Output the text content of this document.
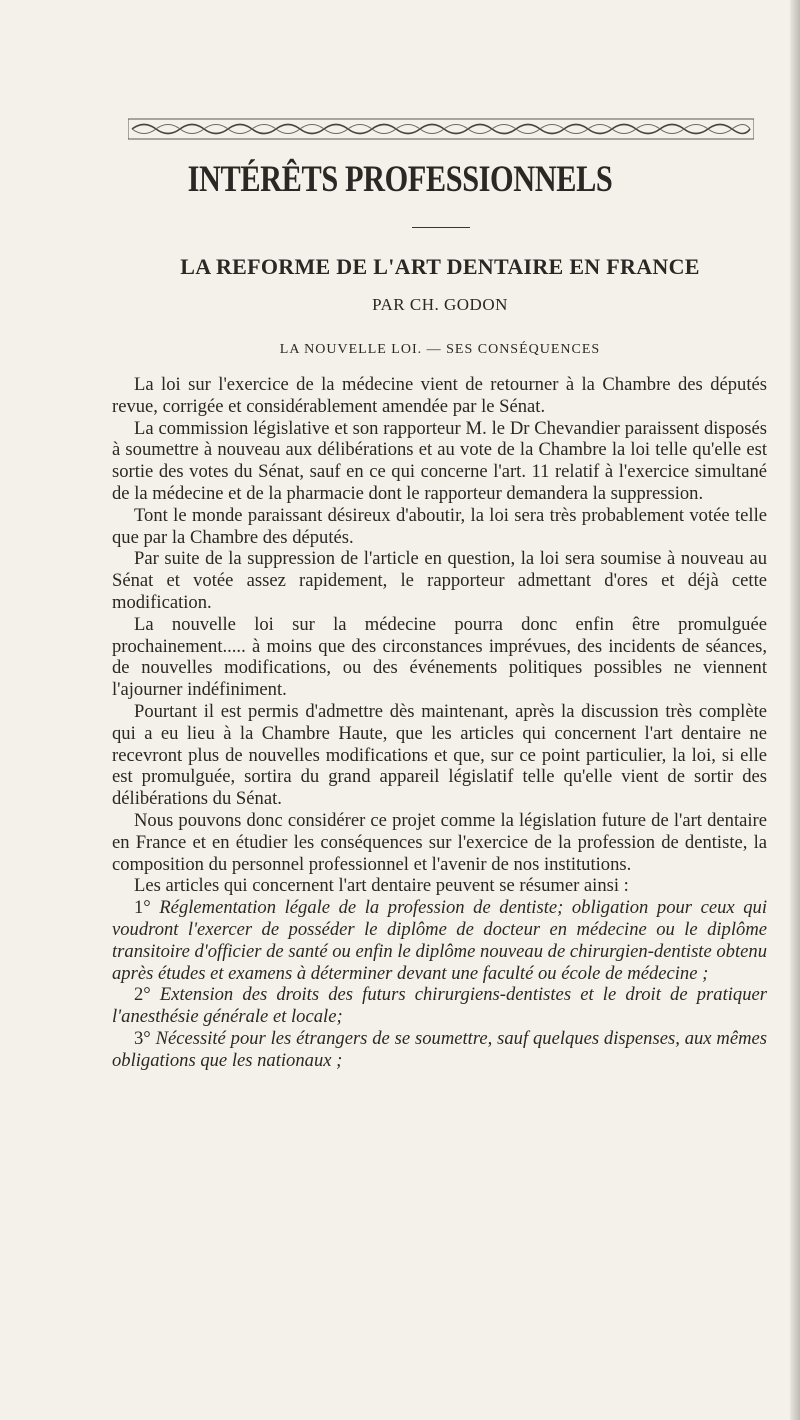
INTÉRÊTS PROFESSIONNELS
LA REFORME DE L'ART DENTAIRE EN FRANCE
PAR CH. GODON
LA NOUVELLE LOI. — SES CONSÉQUENCES

La loi sur l'exercice de la médecine vient de retourner à la Chambre des députés revue, corrigée et considérablement amendée par le Sénat.

La commission législative et son rapporteur M. le Dr Chevandier paraissent disposés à soumettre à nouveau aux délibérations et au vote de la Chambre la loi telle qu'elle est sortie des votes du Sénat, sauf en ce qui concerne l'art. 11 relatif à l'exercice simultané de la médecine et de la pharmacie dont le rapporteur demandera la suppression.

Tont le monde paraissant désireux d'aboutir, la loi sera très probablement votée telle que par la Chambre des députés.

Par suite de la suppression de l'article en question, la loi sera soumise à nouveau au Sénat et votée assez rapidement, le rapporteur admettant d'ores et déjà cette modification.

La nouvelle loi sur la médecine pourra donc enfin être promulguée prochainement..... à moins que des circonstances imprévues, des incidents de séances, de nouvelles modifications, ou des événements politiques possibles ne viennent l'ajourner indéfiniment.

Pourtant il est permis d'admettre dès maintenant, après la discussion très complète qui a eu lieu à la Chambre Haute, que les articles qui concernent l'art dentaire ne recevront plus de nouvelles modifications et que, sur ce point particulier, la loi, si elle est promulguée, sortira du grand appareil législatif telle qu'elle vient de sortir des délibérations du Sénat.

Nous pouvons donc considérer ce projet comme la législation future de l'art dentaire en France et en étudier les conséquences sur l'exercice de la profession de dentiste, la composition du personnel professionnel et l'avenir de nos institutions.

Les articles qui concernent l'art dentaire peuvent se résumer ainsi :

1° Réglementation légale de la profession de dentiste; obligation pour ceux qui voudront l'exercer de posséder le diplôme de docteur en médecine ou le diplôme transitoire d'officier de santé ou enfin le diplôme nouveau de chirurgien-dentiste obtenu après études et examens à déterminer devant une faculté ou école de médecine ;

2° Extension des droits des futurs chirurgiens-dentistes et le droit de pratiquer l'anesthésie générale et locale;

3° Nécessité pour les étrangers de se soumettre, sauf quelques dispenses, aux mêmes obligations que les nationaux ;
